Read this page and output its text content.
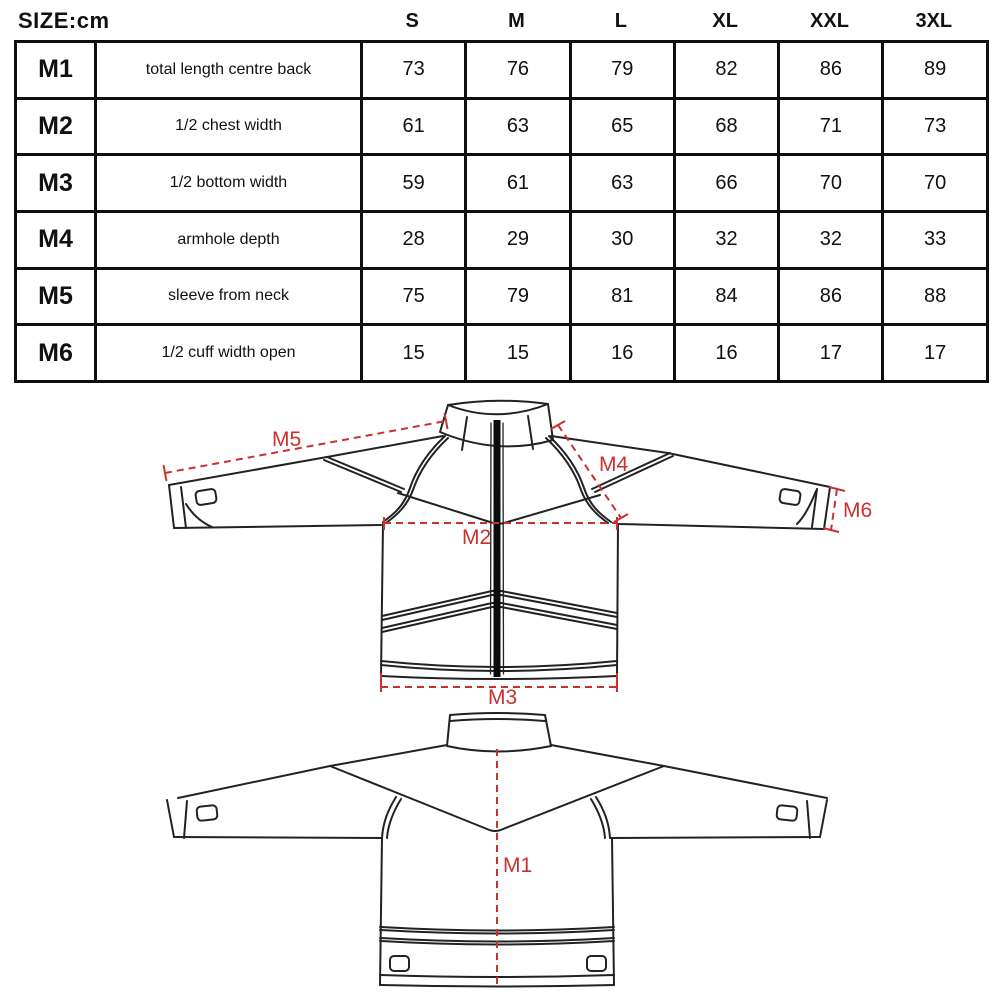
SIZE:cm	S	M	L	XL	XXL	3XL
M1	total length centre back	73	76	79	82	86	89
M2	1/2 chest width	61	63	65	68	71	73
M3	1/2 bottom width	59	61	63	66	70	70
M4	armhole depth	28	29	30	32	32	33
M5	sleeve from neck	75	79	81	84	86	88
M6	1/2 cuff width open	15	15	16	16	17	17
M5
M4
M2
M3
M6
M1
